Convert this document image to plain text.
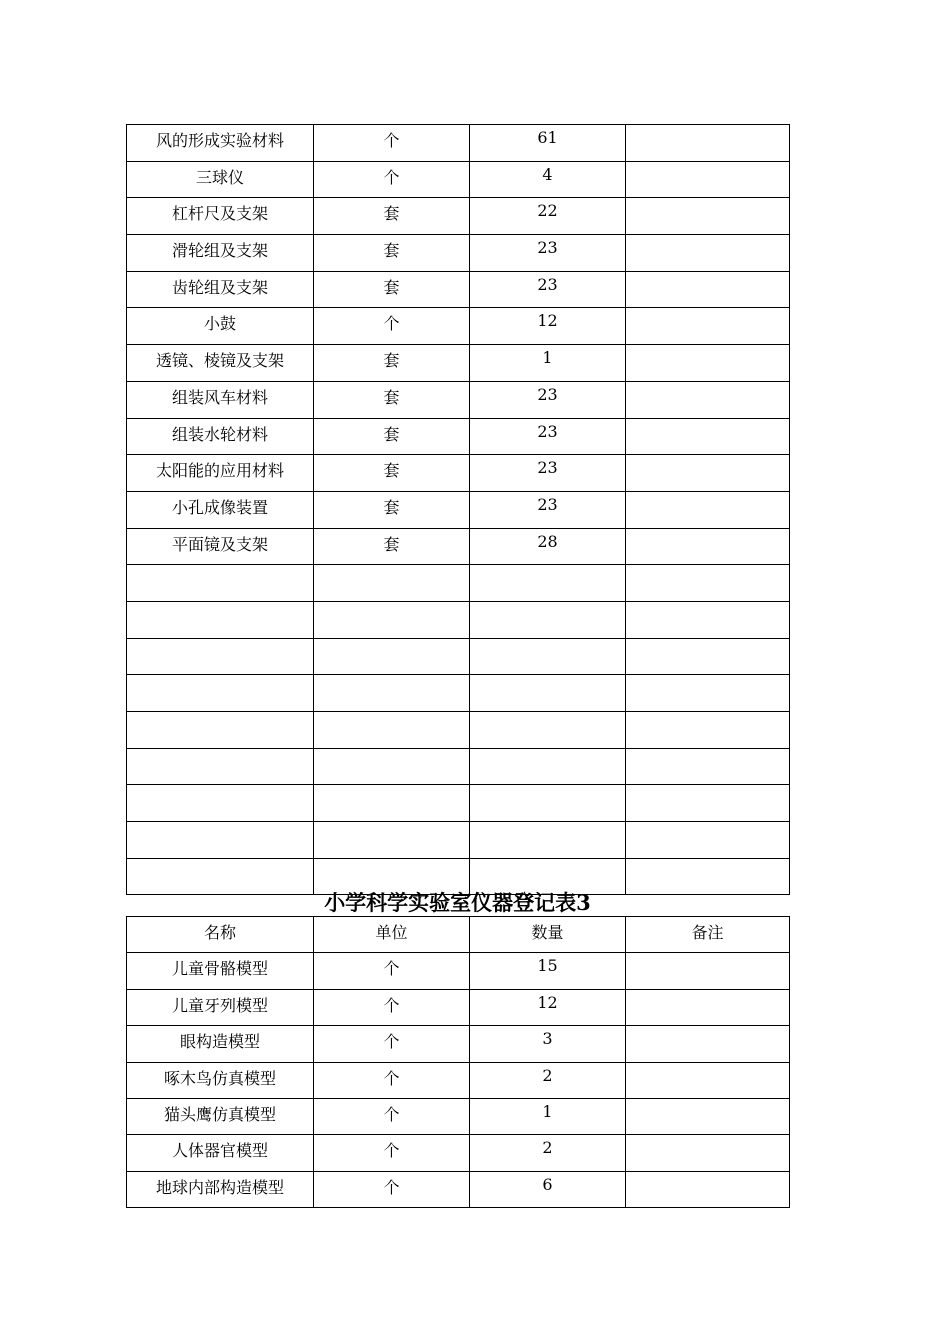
风的形成实验材料	个	61	
三球仪	个	4	
杠杆尺及支架	套	22	
滑轮组及支架	套	23	
齿轮组及支架	套	23	
小鼓	个	12	
透镜、棱镜及支架	套	1	
组装风车材料	套	23	
组装水轮材料	套	23	
太阳能的应用材料	套	23	
小孔成像装置	套	23	
平面镜及支架	套	28	

小学科学实验室仪器登记表3
名称	单位	数量	备注
儿童骨骼模型	个	15	
儿童牙列模型	个	12	
眼构造模型	个	3	
啄木鸟仿真模型	个	2	
猫头鹰仿真模型	个	1	
人体器官模型	个	2	
地球内部构造模型	个	6	
